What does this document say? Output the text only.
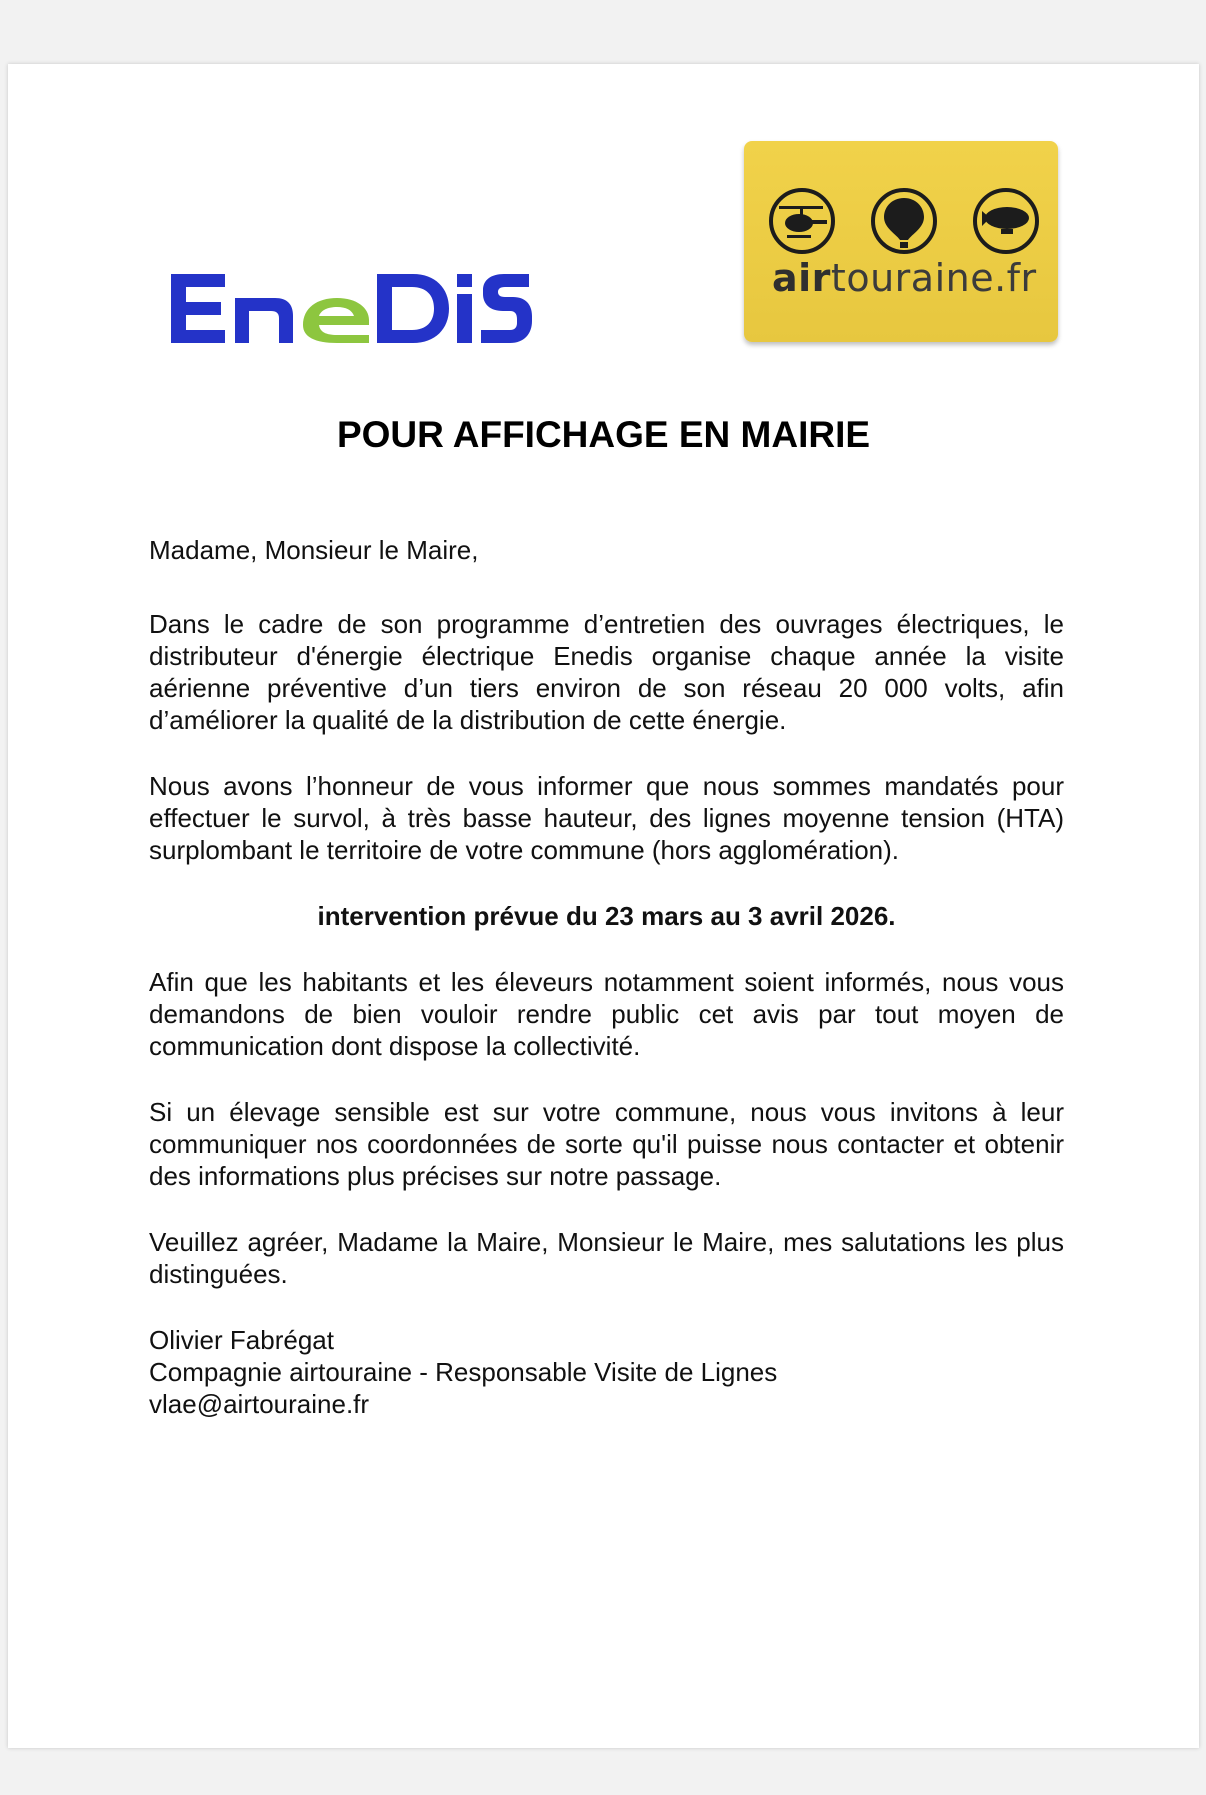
airtouraine.fr
POUR AFFICHAGE EN MAIRIE

Madame, Monsieur le Maire,

Dans le cadre de son programme d’entretien des ouvrages électriques, le distributeur d'énergie électrique Enedis organise chaque année la visite aérienne préventive d’un tiers environ de son réseau 20 000 volts, afin d’améliorer la qualité de la distribution de cette énergie.

Nous avons l’honneur de vous informer que nous sommes mandatés pour effectuer le survol, à très basse hauteur, des lignes moyenne tension (HTA) surplombant le territoire de votre commune (hors agglomération).

intervention prévue du 23 mars au 3 avril 2026.

Afin que les habitants et les éleveurs notamment soient informés, nous vous demandons de bien vouloir rendre public cet avis par tout moyen de communication dont dispose la collectivité.

Si un élevage sensible est sur votre commune, nous vous invitons à leur communiquer nos coordonnées de sorte qu'il puisse nous contacter et obtenir des informations plus précises sur notre passage.

Veuillez agréer, Madame la Maire, Monsieur le Maire, mes salutations les plus distinguées.

Olivier Fabrégat

Compagnie airtouraine - Responsable Visite de Lignes

vlae@airtouraine.fr
